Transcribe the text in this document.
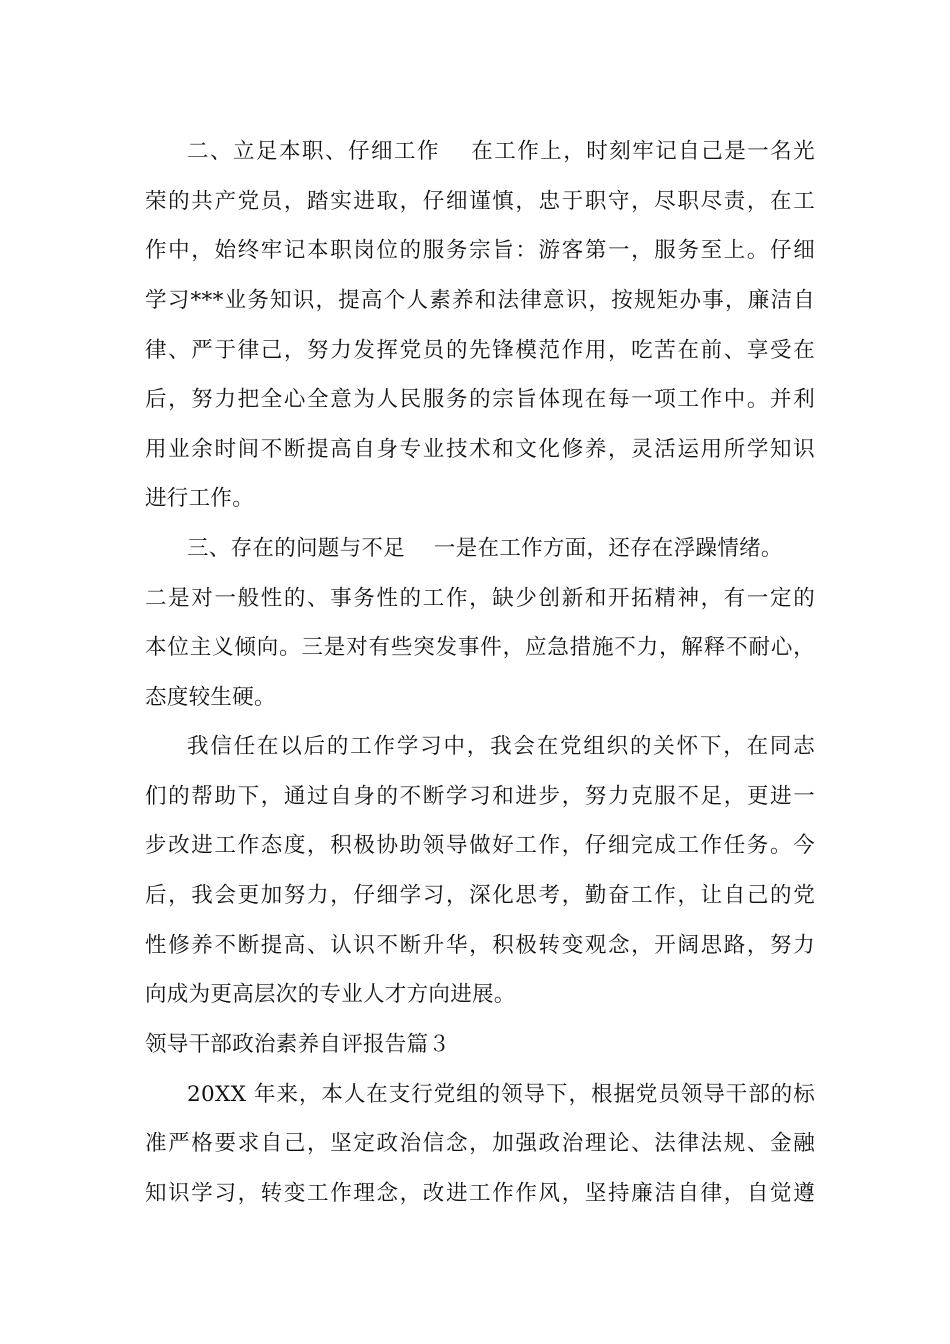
二、立足本职、仔细工作　 在工作上，时刻牢记自己是一名光
荣的共产党员，踏实进取，仔细谨慎，忠于职守，尽职尽责，在工
作中，始终牢记本职岗位的服务宗旨：游客第一，服务至上。仔细
学习***业务知识，提高个人素养和法律意识，按规矩办事，廉洁自
律、严于律己，努力发挥党员的先锋模范作用，吃苦在前、享受在
后，努力把全心全意为人民服务的宗旨体现在每一项工作中。并利
用业余时间不断提高自身专业技术和文化修养，灵活运用所学知识
进行工作。
三、存在的问题与不足　 一是在工作方面，还存在浮躁情绪。
二是对一般性的、事务性的工作，缺少创新和开拓精神，有一定的
本位主义倾向。三是对有些突发事件，应急措施不力，解释不耐心，
态度较生硬。
我信任在以后的工作学习中，我会在党组织的关怀下，在同志
们的帮助下，通过自身的不断学习和进步，努力克服不足，更进一
步改进工作态度，积极协助领导做好工作，仔细完成工作任务。今
后，我会更加努力，仔细学习，深化思考，勤奋工作，让自己的党
性修养不断提高、认识不断升华，积极转变观念，开阔思路，努力
向成为更高层次的专业人才方向进展。
领导干部政治素养自评报告篇３
20XX 年来，本人在支行党组的领导下，根据党员领导干部的标
准严格要求自己，坚定政治信念，加强政治理论、法律法规、金融
知识学习，转变工作理念，改进工作作风，坚持廉洁自律，自觉遵
